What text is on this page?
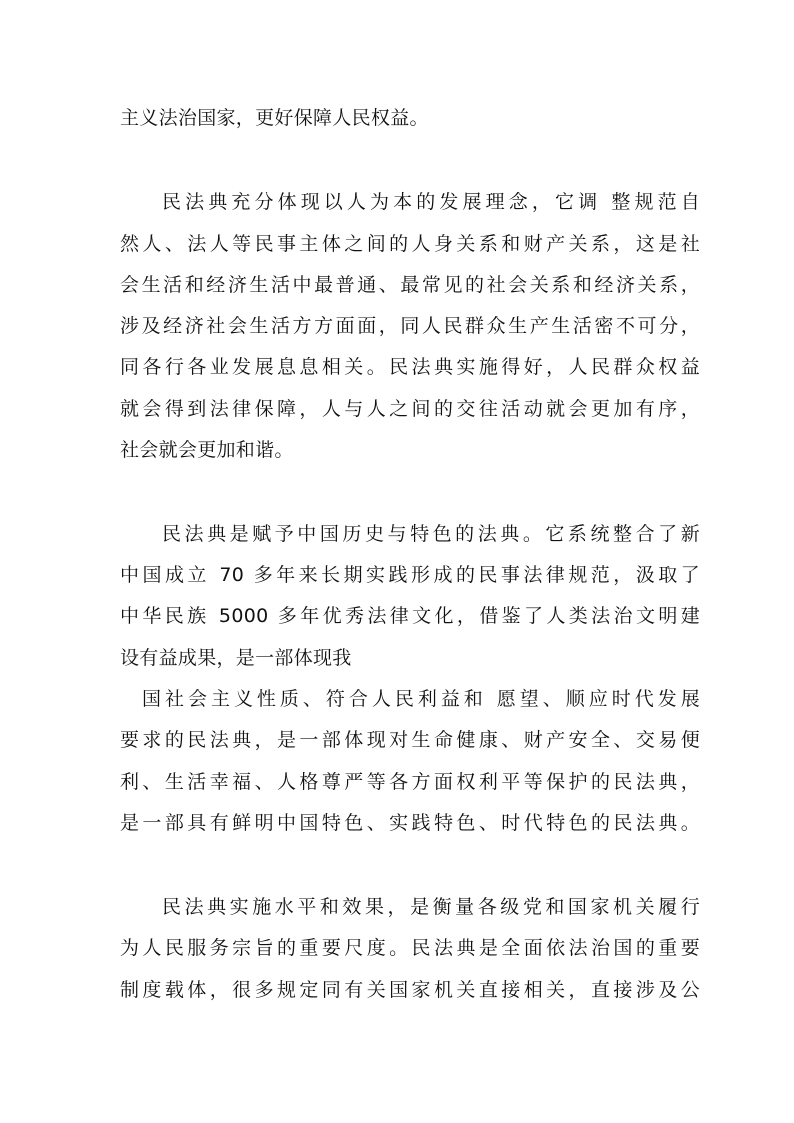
主义法治国家，更好保障人民权益。
民法典充分体现以人为本的发展理念，它调 整规范自
然人、法人等民事主体之间的人身关系和财产关系，这是社
会生活和经济生活中最普通、最常见的社会关系和经济关系，
涉及经济社会生活方方面面，同人民群众生产生活密不可分，
同各行各业发展息息相关。民法典实施得好，人民群众权益
就会得到法律保障，人与人之间的交往活动就会更加有序，
社会就会更加和谐。
民法典是赋予中国历史与特色的法典。它系统整合了新
中国成立 70 多年来长期实践形成的民事法律规范，汲取了
中华民族 5000 多年优秀法律文化，借鉴了人类法治文明建
设有益成果，是一部体现我
国社会主义性质、符合人民利益和 愿望、顺应时代发展
要求的民法典，是一部体现对生命健康、财产安全、交易便
利、生活幸福、人格尊严等各方面权利平等保护的民法典，
是一部具有鲜明中国特色、实践特色、时代特色的民法典。
民法典实施水平和效果，是衡量各级党和国家机关履行
为人民服务宗旨的重要尺度。民法典是全面依法治国的重要
制度载体，很多规定同有关国家机关直接相关，直接涉及公
